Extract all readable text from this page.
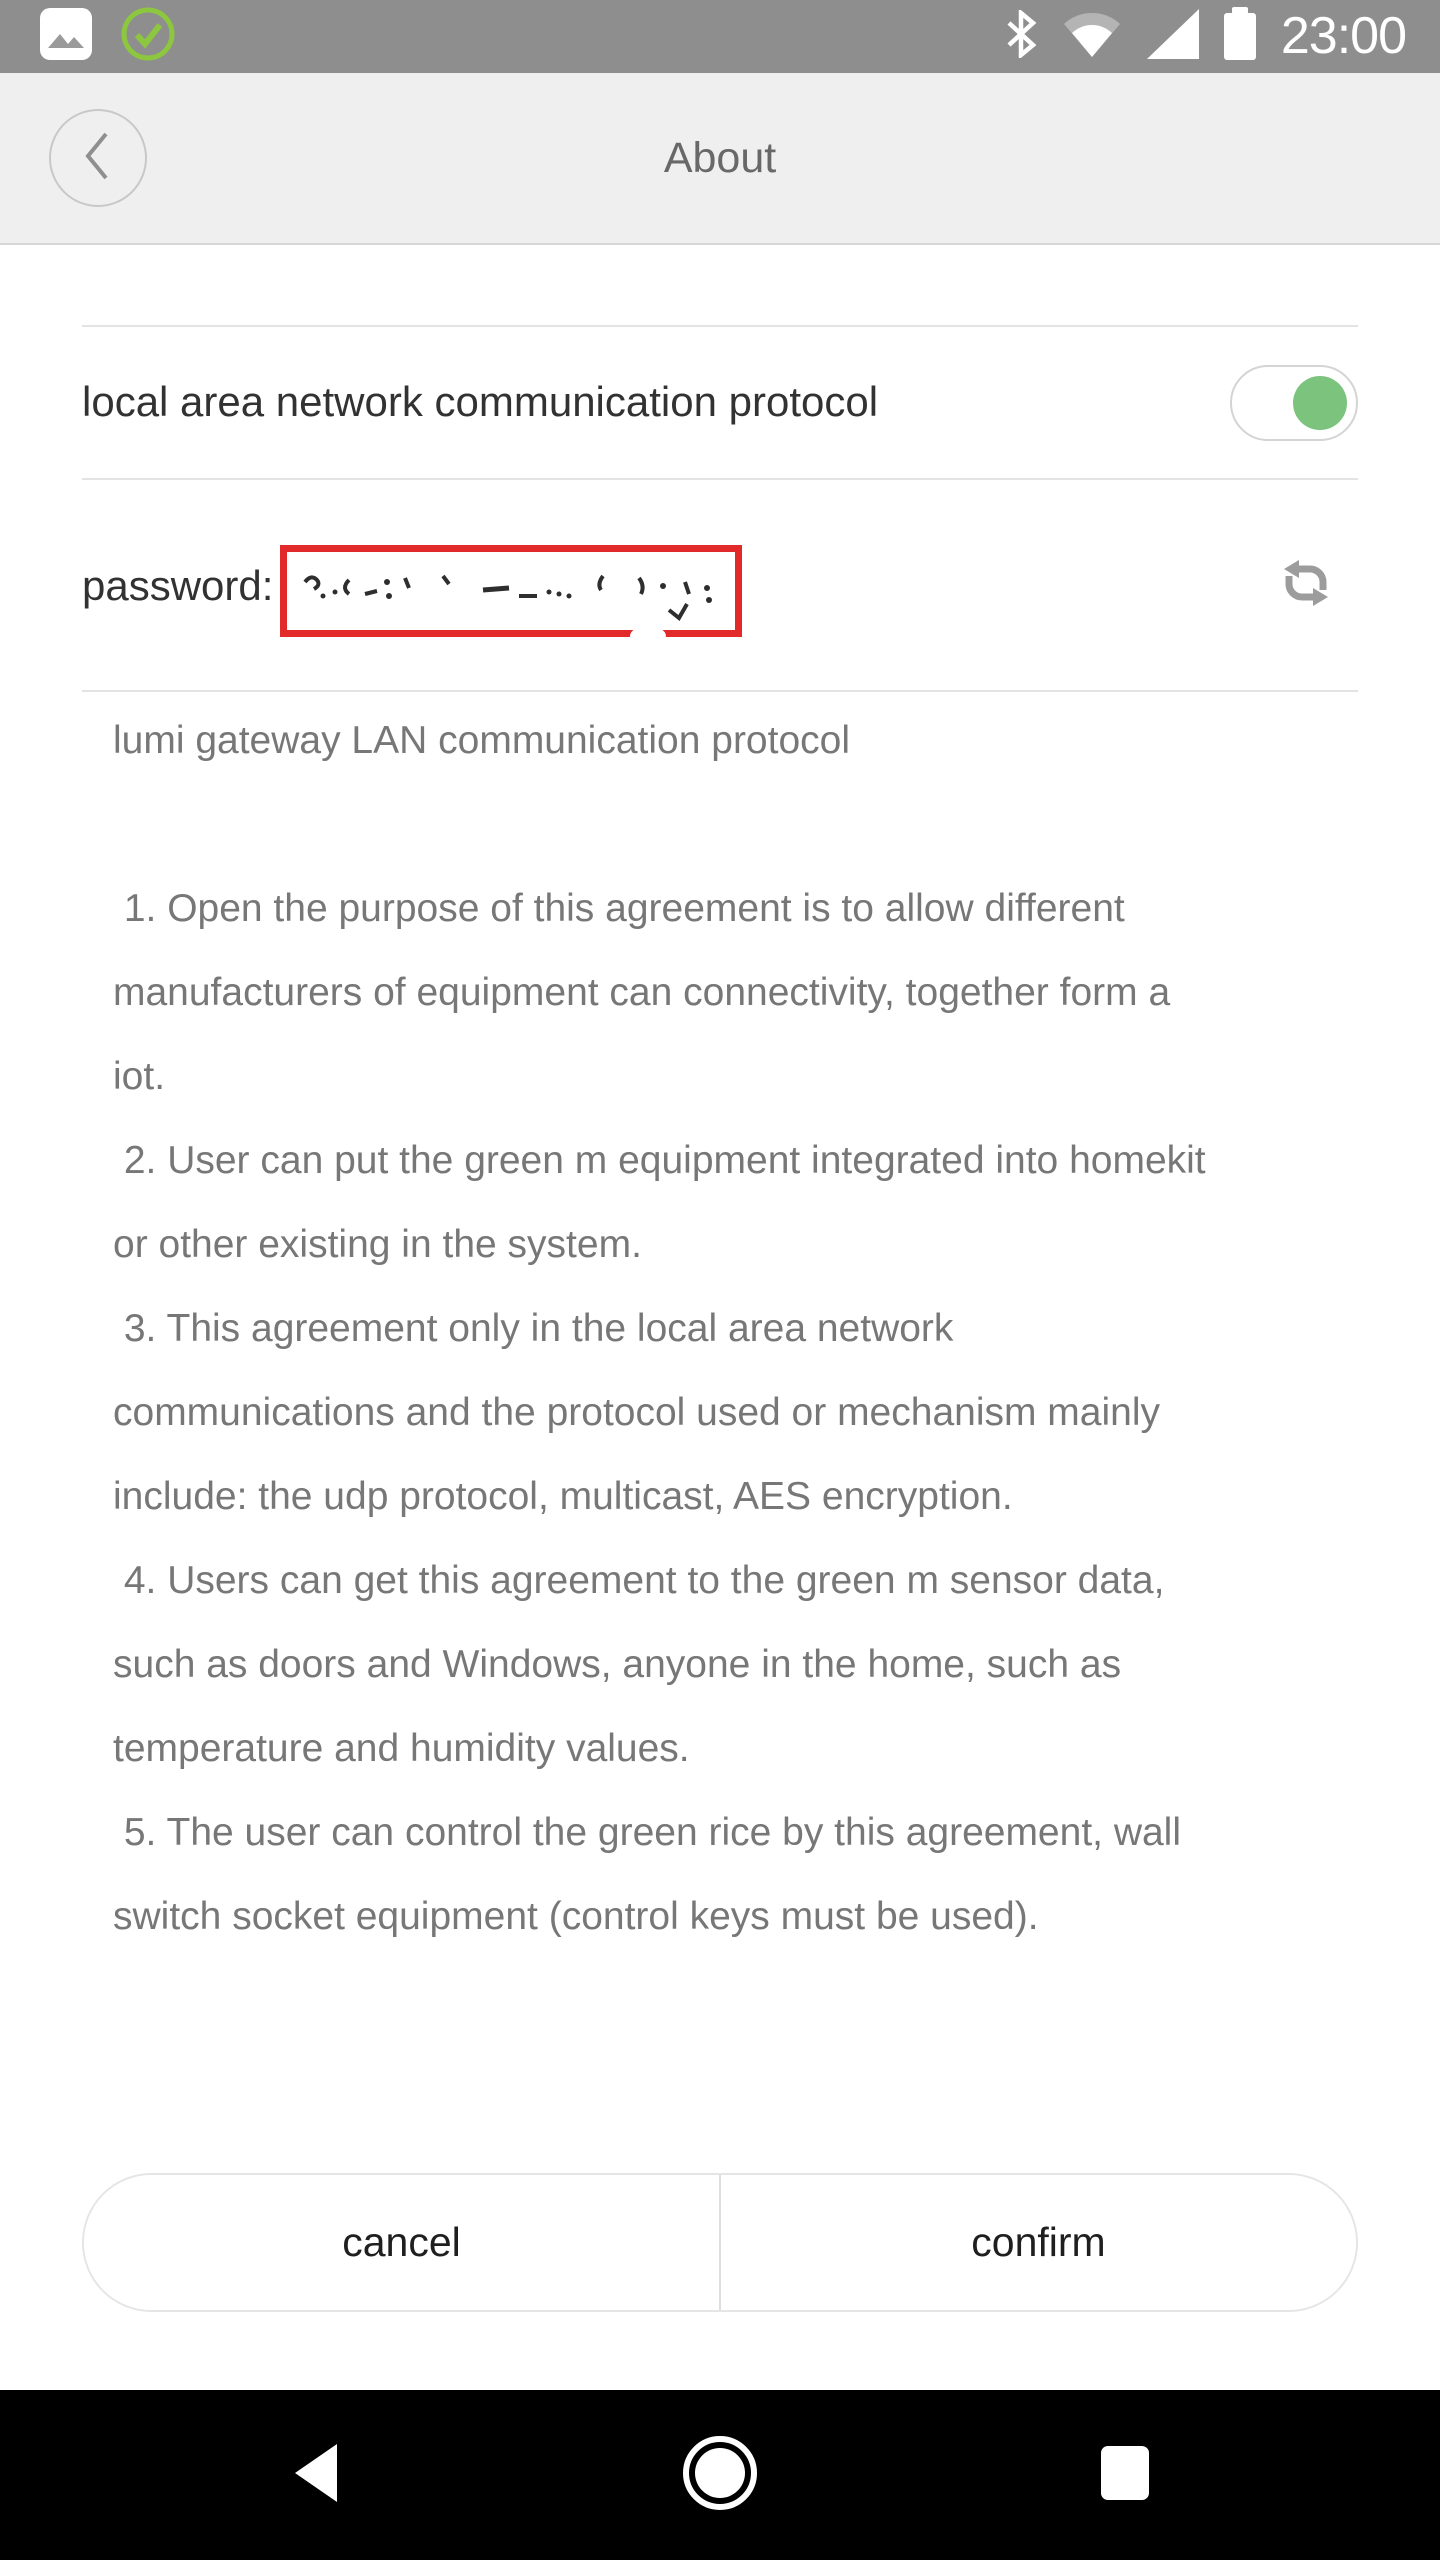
23:00
About
local area network communication protocol
password:
lumi gateway LAN communication protocol
1. Open the purpose of this agreement is to allow different
manufacturers of equipment can connectivity, together form a
iot.
2. User can put the green m equipment integrated into homekit
or other existing in the system.
3. This agreement only in the local area network
communications and the protocol used or mechanism mainly
include: the udp protocol, multicast, AES encryption.
4. Users can get this agreement to the green m sensor data,
such as doors and Windows, anyone in the home, such as
temperature and humidity values.
5. The user can control the green rice by this agreement, wall
switch socket equipment (control keys must be used).
cancel	confirm
